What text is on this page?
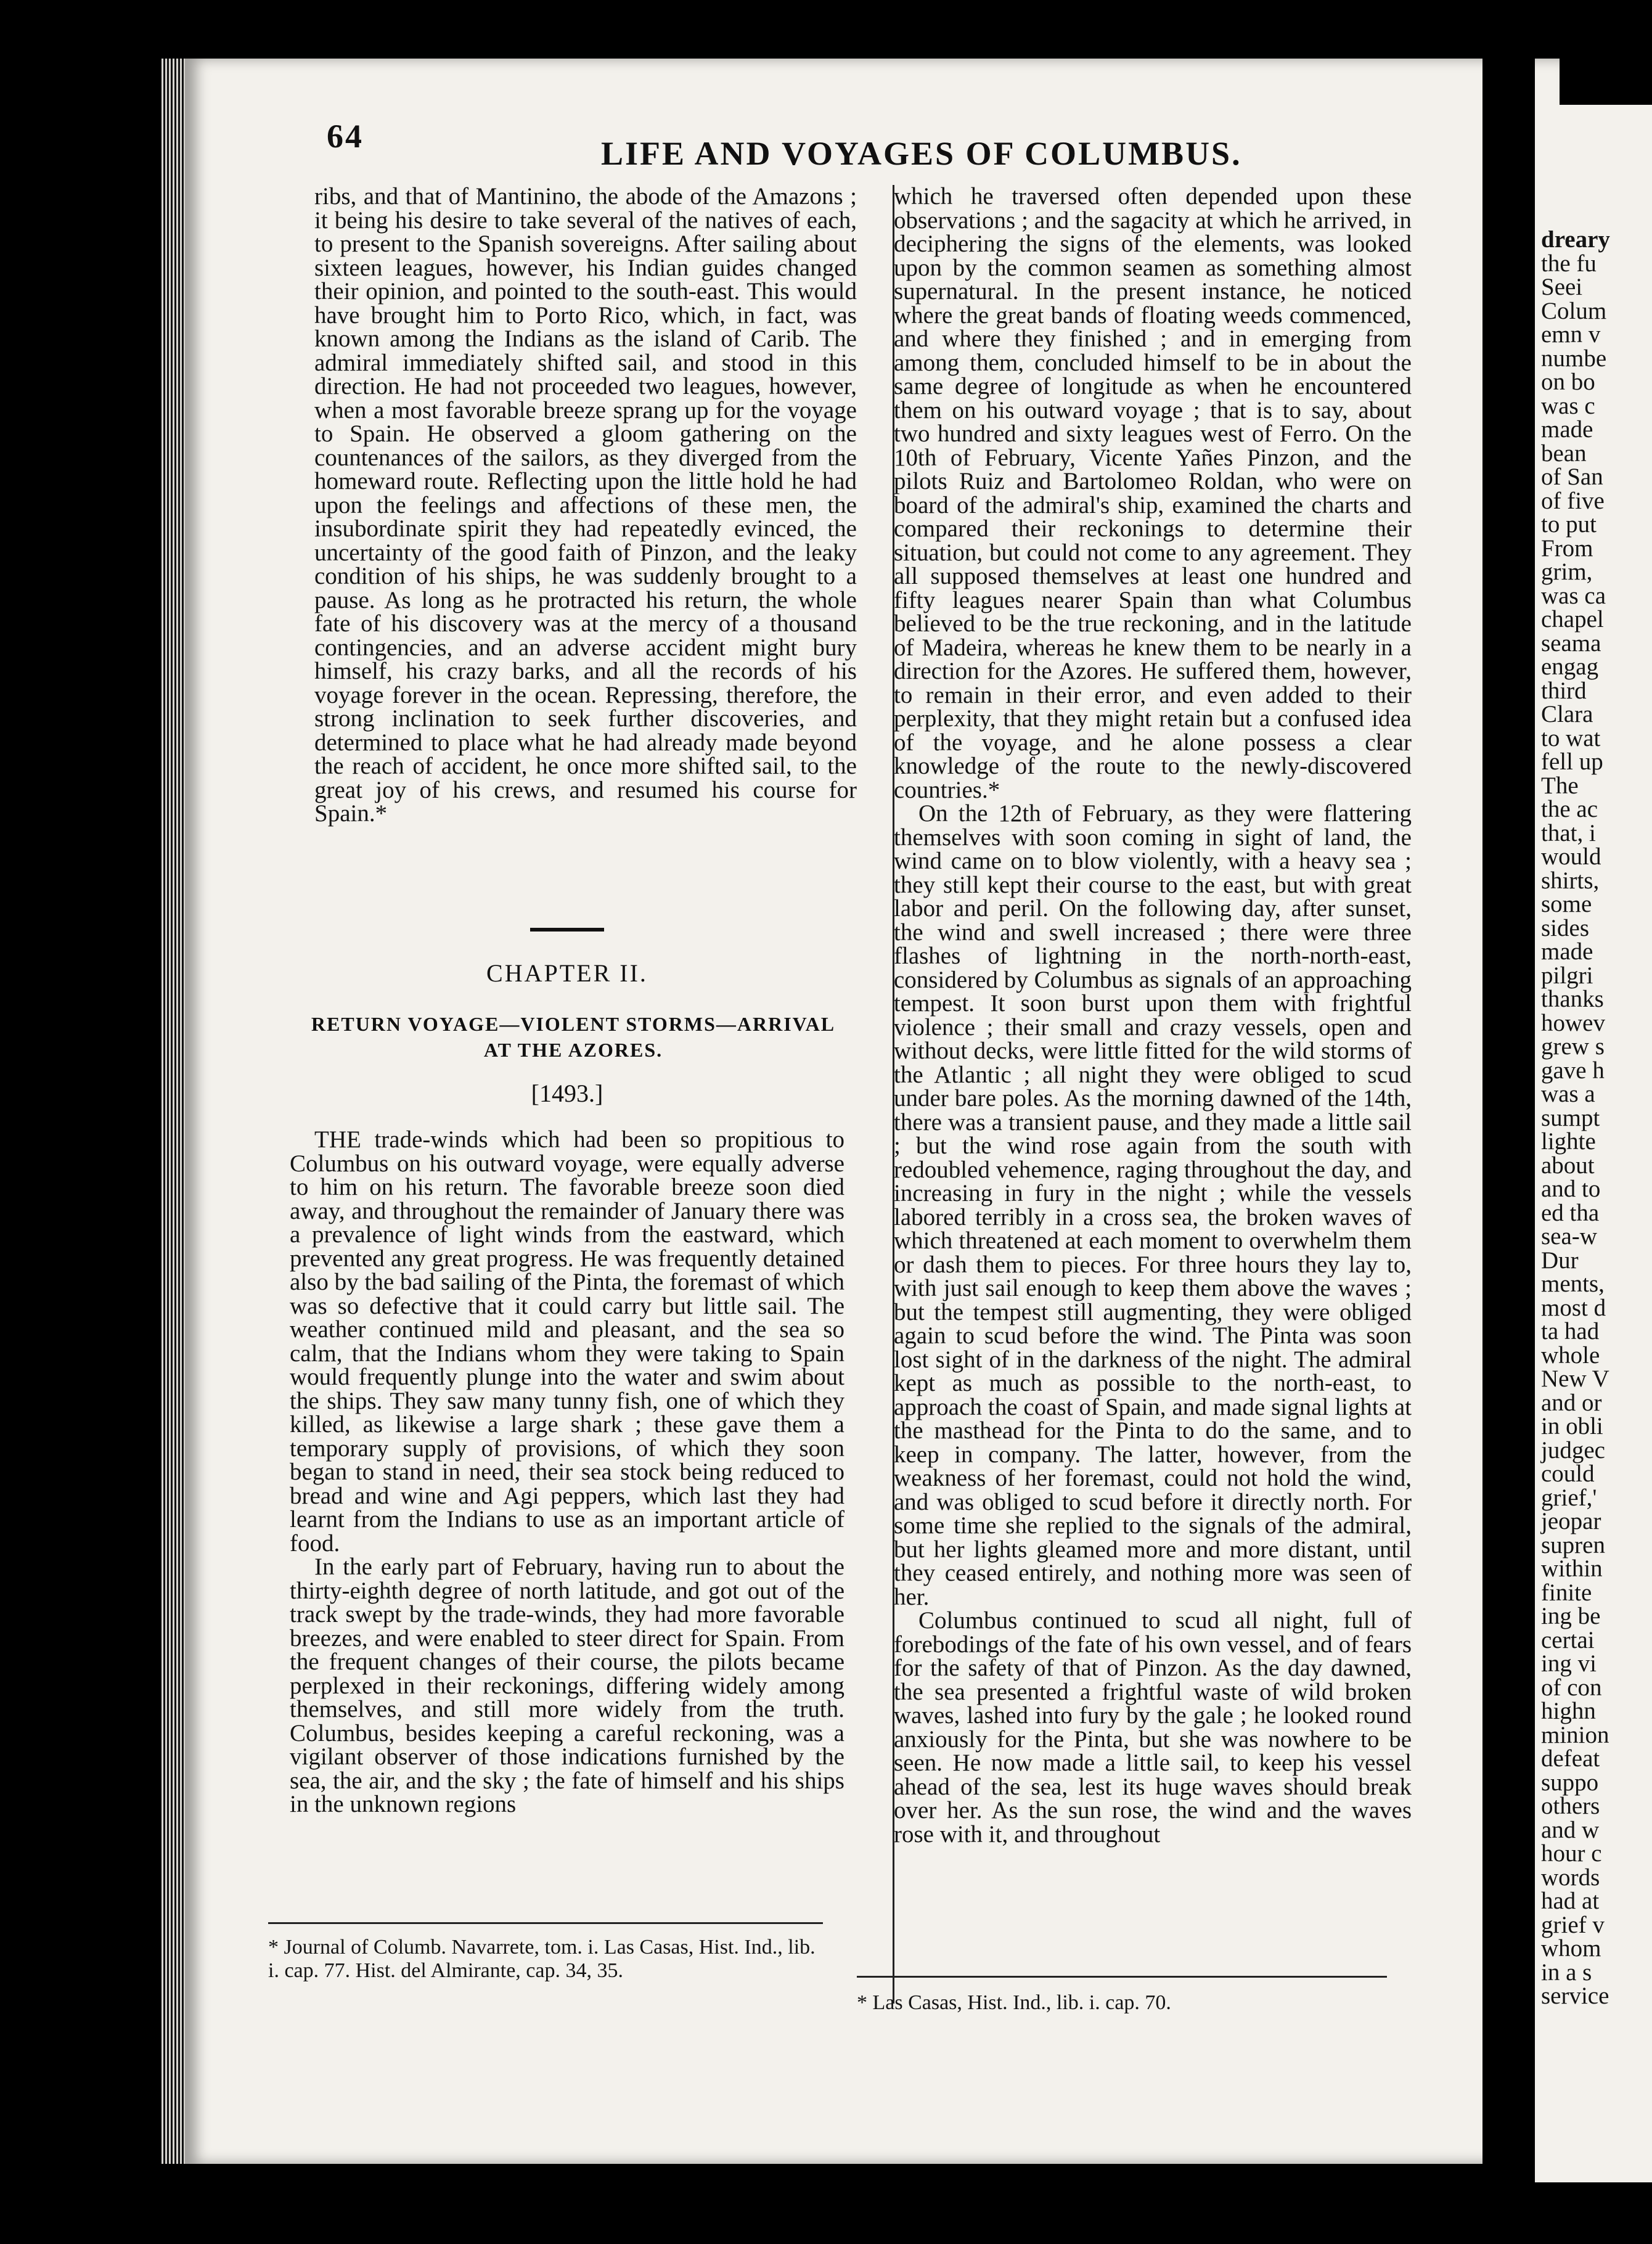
64	LIFE AND VOYAGES OF COLUMBUS.

ribs, and that of Mantinino, the abode of the Amazons ; it being his desire to take several of the natives of each, to present to the Spanish sovereigns. After sailing about sixteen leagues, however, his Indian guides changed their opinion, and pointed to the south-east. This would have brought him to Porto Rico, which, in fact, was known among the Indians as the island of Carib. The admiral immediately shifted sail, and stood in this direction. He had not proceeded two leagues, however, when a most favorable breeze sprang up for the voyage to Spain. He observed a gloom gathering on the countenances of the sailors, as they diverged from the homeward route. Reflecting upon the little hold he had upon the feelings and affections of these men, the insubordinate spirit they had repeatedly evinced, the uncertainty of the good faith of Pinzon, and the leaky condition of his ships, he was suddenly brought to a pause. As long as he protracted his return, the whole fate of his discovery was at the mercy of a thousand contingencies, and an adverse accident might bury himself, his crazy barks, and all the records of his voyage forever in the ocean. Repressing, therefore, the strong inclination to seek further discoveries, and determined to place what he had already made beyond the reach of accident, he once more shifted sail, to the great joy of his crews, and resumed his course for Spain.*

CHAPTER II.
RETURN VOYAGE—VIOLENT STORMS—ARRIVAL AT THE AZORES.
[1493.]

THE trade-winds which had been so propitious to Columbus on his outward voyage, were equally adverse to him on his return. The favorable breeze soon died away, and throughout the remainder of January there was a prevalence of light winds from the eastward, which prevented any great progress. He was frequently detained also by the bad sailing of the Pinta, the foremast of which was so defective that it could carry but little sail. The weather continued mild and pleasant, and the sea so calm, that the Indians whom they were taking to Spain would frequently plunge into the water and swim about the ships. They saw many tunny fish, one of which they killed, as likewise a large shark ; these gave them a temporary supply of provisions, of which they soon began to stand in need, their sea stock being reduced to bread and wine and Agi peppers, which last they had learnt from the Indians to use as an important article of food.

In the early part of February, having run to about the thirty-eighth degree of north latitude, and got out of the track swept by the trade-winds, they had more favorable breezes, and were enabled to steer direct for Spain. From the frequent changes of their course, the pilots became perplexed in their reckonings, differing widely among themselves, and still more widely from the truth. Columbus, besides keeping a careful reckoning, was a vigilant observer of those indications furnished by the sea, the air, and the sky ; the fate of himself and his ships in the unknown regions

* Journal of Columb. Navarrete, tom. i. Las Casas, Hist. Ind., lib. i. cap. 77. Hist. del Almirante, cap. 34, 35.

which he traversed often depended upon these observations ; and the sagacity at which he arrived, in deciphering the signs of the elements, was looked upon by the common seamen as something almost supernatural. In the present instance, he noticed where the great bands of floating weeds commenced, and where they finished ; and in emerging from among them, concluded himself to be in about the same degree of longitude as when he encountered them on his outward voyage ; that is to say, about two hundred and sixty leagues west of Ferro. On the 10th of February, Vicente Yañes Pinzon, and the pilots Ruiz and Bartolomeo Roldan, who were on board of the admiral's ship, examined the charts and compared their reckonings to determine their situation, but could not come to any agreement. They all supposed themselves at least one hundred and fifty leagues nearer Spain than what Columbus believed to be the true reckoning, and in the latitude of Madeira, whereas he knew them to be nearly in a direction for the Azores. He suffered them, however, to remain in their error, and even added to their perplexity, that they might retain but a confused idea of the voyage, and he alone possess a clear knowledge of the route to the newly-discovered countries.*

On the 12th of February, as they were flattering themselves with soon coming in sight of land, the wind came on to blow violently, with a heavy sea ; they still kept their course to the east, but with great labor and peril. On the following day, after sunset, the wind and swell increased ; there were three flashes of lightning in the north-north-east, considered by Columbus as signals of an approaching tempest. It soon burst upon them with frightful violence ; their small and crazy vessels, open and without decks, were little fitted for the wild storms of the Atlantic ; all night they were obliged to scud under bare poles. As the morning dawned of the 14th, there was a transient pause, and they made a little sail ; but the wind rose again from the south with redoubled vehemence, raging throughout the day, and increasing in fury in the night ; while the vessels labored terribly in a cross sea, the broken waves of which threatened at each moment to overwhelm them or dash them to pieces. For three hours they lay to, with just sail enough to keep them above the waves ; but the tempest still augmenting, they were obliged again to scud before the wind. The Pinta was soon lost sight of in the darkness of the night. The admiral kept as much as possible to the north-east, to approach the coast of Spain, and made signal lights at the masthead for the Pinta to do the same, and to keep in company. The latter, however, from the weakness of her foremast, could not hold the wind, and was obliged to scud before it directly north. For some time she replied to the signals of the admiral, but her lights gleamed more and more distant, until they ceased entirely, and nothing more was seen of her.

Columbus continued to scud all night, full of forebodings of the fate of his own vessel, and of fears for the safety of that of Pinzon. As the day dawned, the sea presented a frightful waste of wild broken waves, lashed into fury by the gale ; he looked round anxiously for the Pinta, but she was nowhere to be seen. He now made a little sail, to keep his vessel ahead of the sea, lest its huge waves should break over her. As the sun rose, the wind and the waves rose with it, and throughout

* Las Casas, Hist. Ind., lib. i. cap. 70.
dreary
the fu
Seei
Colum
emn v
numbe
on bo
was c
made
bean
of San
of five
to put
From
grim,
was ca
chapel
seama
engag
third
Clara
to wat
fell up
The
the ac
that, i
would
shirts,
some
sides
made
pilgri
thanks
howev
grew s
gave h
was a
sumpt
lighte
about
and to
ed tha
sea-w
Dur
ments,
most d
ta had
whole
New V
and or
in obli
judgec
could
grief,'
jeopar
supren
within
finite
ing be
certai
ing vi
of con
highn
minion
defeat
suppo
others
and w
hour c
words
had at
grief v
whom
in a s
service
